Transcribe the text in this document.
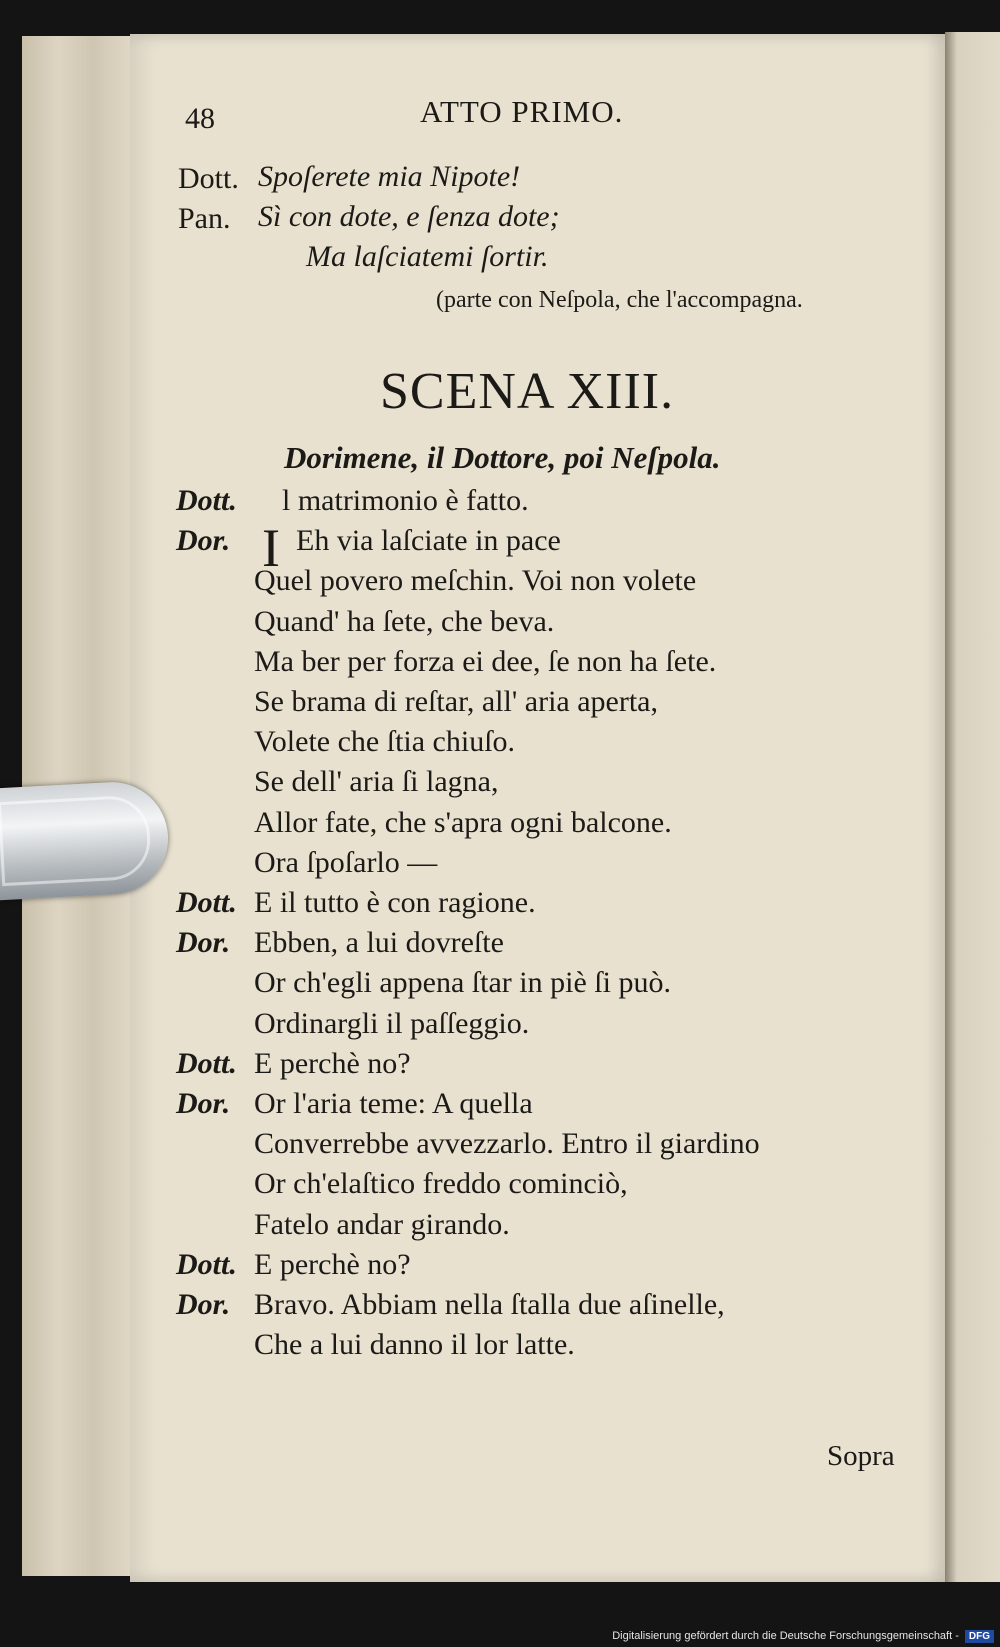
48	ATTO PRIMO.
Dott. Spoſerete mia Nipote!
Pan. Sì con dote, e ſenza dote;
Ma laſciatemi ſortir.
(parte con Neſpola, che l'accompagna.
SCENA XIII.
Dorimene, il Dottore, poi Neſpola.
I
Dott. l matrimonio è fatto.
Dor. Eh via laſciate in pace
Quel povero meſchin. Voi non volete
Quand' ha ſete, che beva.
Ma ber per forza ei dee, ſe non ha ſete.
Se brama di reſtar, all' aria aperta,
Volete che ſtia chiuſo.
Se dell' aria ſi lagna,
Allor fate, che s'apra ogni balcone.
Ora ſpoſarlo —
Dott. E il tutto è con ragione.
Dor. Ebben, a lui dovreſte
Or ch'egli appena ſtar in piè ſi può.
Ordinargli il paſſeggio.
Dott. E perchè no?
Dor. Or l'aria teme: A quella
Converrebbe avvezzarlo. Entro il giardino
Or ch'elaſtico freddo cominciò,
Fatelo andar girando.
Dott. E perchè no?
Dor. Bravo. Abbiam nella ſtalla due aſinelle,
Che a lui danno il lor latte.
Sopra
Digitalisierung gefördert durch die Deutsche Forschungsgemeinschaft -	DFG
